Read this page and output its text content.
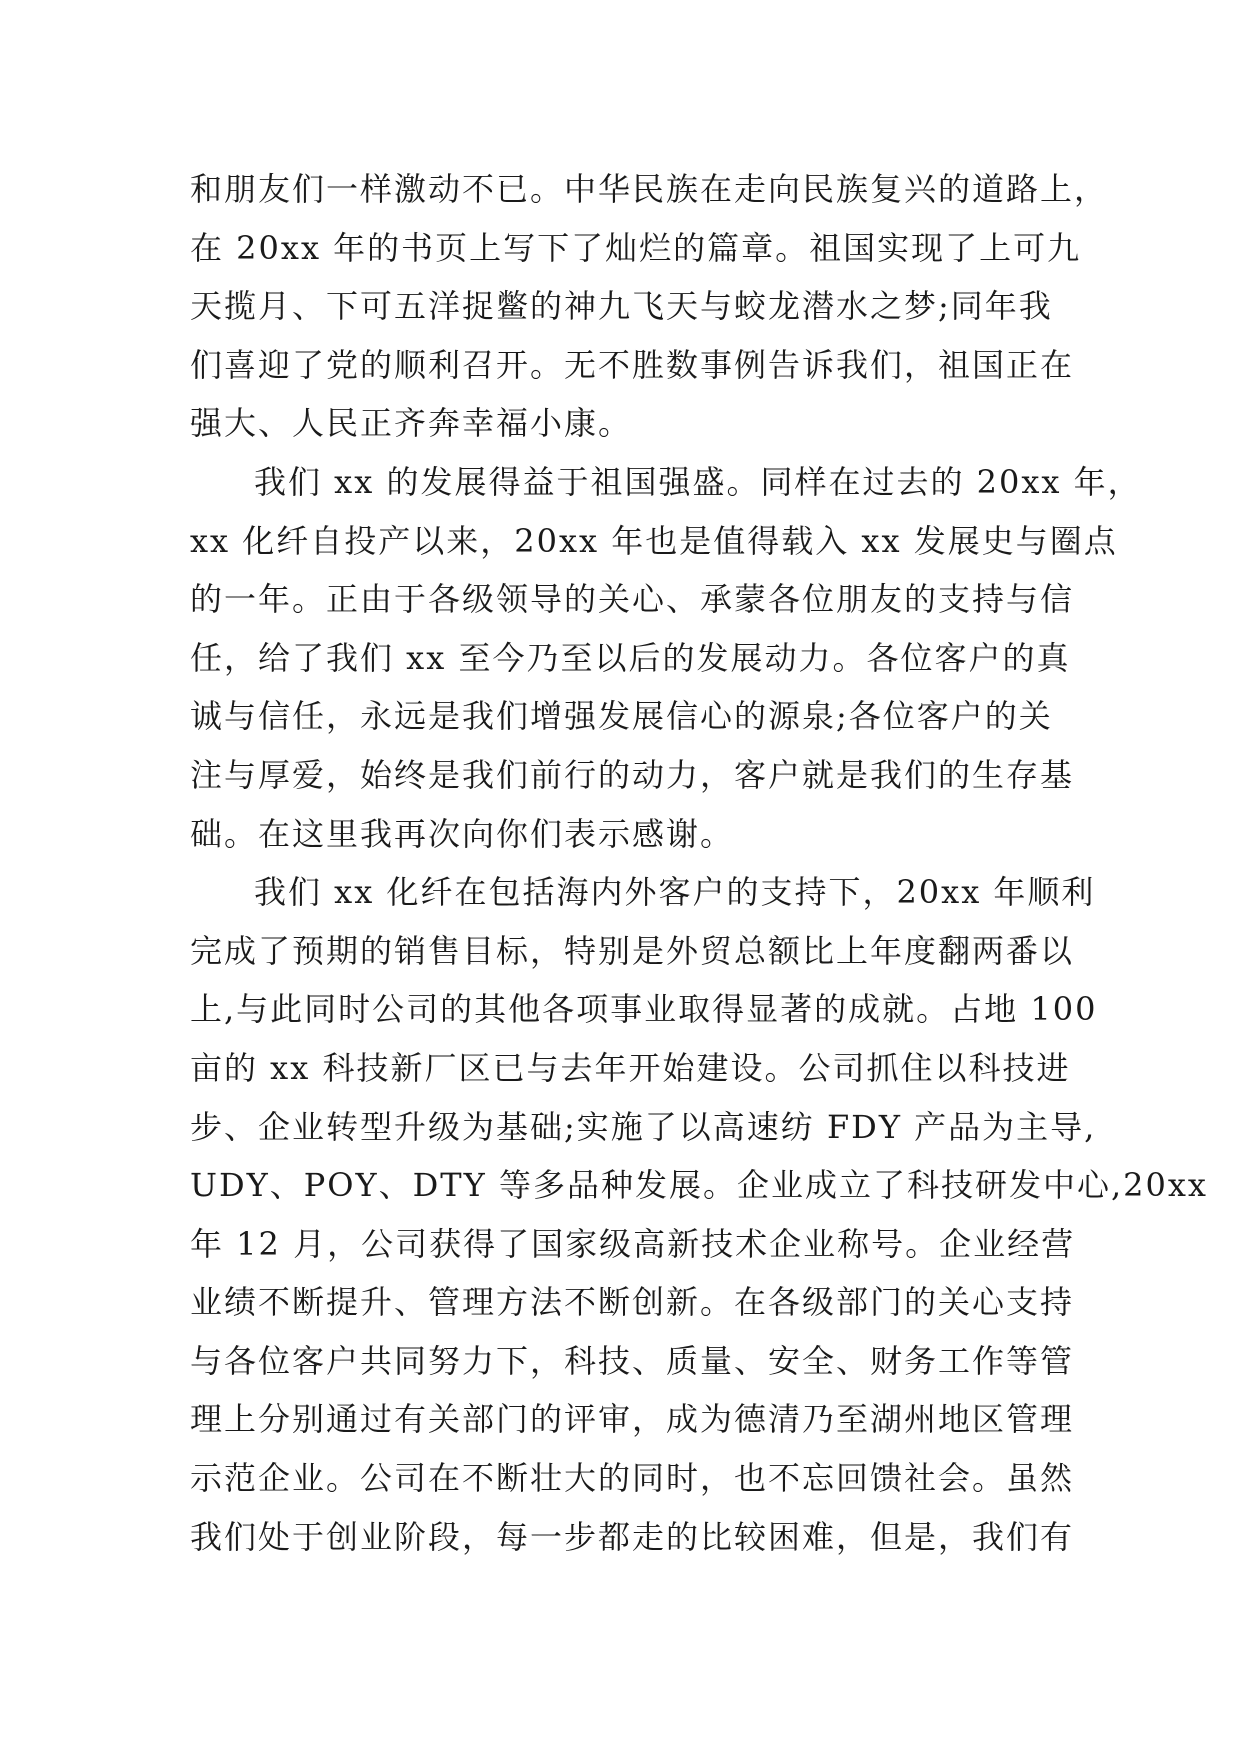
和朋友们一样激动不已。中华民族在走向民族复兴的道路上，
在 20xx 年的书页上写下了灿烂的篇章。祖国实现了上可九
天揽月、下可五洋捉鳖的神九飞天与蛟龙潜水之梦;同年我
们喜迎了党的顺利召开。无不胜数事例告诉我们，祖国正在
强大、人民正齐奔幸福小康。
我们 xx 的发展得益于祖国强盛。同样在过去的 20xx 年，
xx 化纤自投产以来，20xx 年也是值得载入 xx 发展史与圈点
的一年。正由于各级领导的关心、承蒙各位朋友的支持与信
任，给了我们 xx 至今乃至以后的发展动力。各位客户的真
诚与信任，永远是我们增强发展信心的源泉;各位客户的关
注与厚爱，始终是我们前行的动力，客户就是我们的生存基
础。在这里我再次向你们表示感谢。
我们 xx 化纤在包括海内外客户的支持下，20xx 年顺利
完成了预期的销售目标，特别是外贸总额比上年度翻两番以
上,与此同时公司的其他各项事业取得显著的成就。占地 100
亩的 xx 科技新厂区已与去年开始建设。公司抓住以科技进
步、企业转型升级为基础;实施了以高速纺 FDY 产品为主导,
UDY、POY、DTY 等多品种发展。企业成立了科技研发中心,20xx
年 12 月，公司获得了国家级高新技术企业称号。企业经营
业绩不断提升、管理方法不断创新。在各级部门的关心支持
与各位客户共同努力下，科技、质量、安全、财务工作等管
理上分别通过有关部门的评审，成为德清乃至湖州地区管理
示范企业。公司在不断壮大的同时，也不忘回馈社会。虽然
我们处于创业阶段，每一步都走的比较困难，但是，我们有
